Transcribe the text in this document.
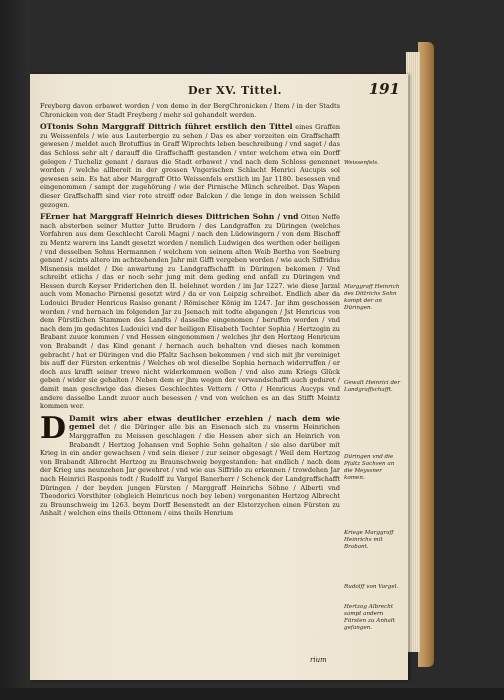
Der XV. Tittel.	191

Freyberg davon erbawet worden / von deme in der BergChronicken / Item / in der Stadts Chronicken von der Stadt Freyberg / mehr sol gehandelt werden.

OTtonis Sohn Marggraff Dittrich führet erstlich den Tittel eines Graffen zu Weissenfels / wie aus Lauterbergio zu sehen / Das es aber vorzeiten ein Graffschafft gewesen / meldet auch Brotuffius in Graff Wiprechts leben beschreibung / vnd saget / das das Schloss sehr alt / darauff die Graffschafft gestanden / vnter welchem etwa ein Dorff gelegen / Tucheliz genant / daraus die Stadt erbawet / vnd nach dem Schloss genennet worden / welche allbereit in der grossen Vngerischen Schlacht Henrici Aucupis sol gewesen sein. Es hat aber Marggraff Otto Weissenfels erstlich im Jar 1180. besessen vnd eingenommen / sampt der zugehörung / wie der Pirnische Münch schreibet. Das Wapen dieser Graffschafft sind vier rote streiff oder Balcken / die lenge in den weissen Schild gezogen.

FErner hat Marggraff Heinrich dieses Dittrichen Sohn / vnd Otten Neffe nach absterben seiner Mutter Jutte Brudern / des Landgraffen zu Düringen (welches Vorfahren aus dem Geschlecht Caroli Magni / nach den Lüdowingern / von dem Bischoff zu Mentz warern ins Landt gesetzt worden / nemlich Ludwigen des werthen oder heiligen / vnd desselben Sohns Hermannen / welchem von seinem alten Weib Bertha von Seeburg genant / scints altero im achtzehenden Jahr mit Gifft vergeben worden / wie auch Siffridus Misnensis meldet / Die anwartung zu Landgraffschafft in Düringen bekomen / Vnd schreibt etlichs / das er noch sehr jung mit dem geding end anfall zu Düringen vnd Hessen durch Keyser Friderichen den II. belehnet worden / im Jar 1227. wie diese Jarzal auch vom Monacho Pirnensi gesetzt wird / da er von Leipzig schreibet. Endlich aber da Ludouici Bruder Henricus Rasiso genant / Römischer König im 1247. Jar ihm geschossen worden / vnd hernach im folgenden Jar zu Jsenach mit todte abgangen / Jst Henricus von dem Fürstlichen Stammen des Landts / dasselbe eingenomen / beruffen worden / vnd nach dem jm gedachtes Ludouici vnd der heiligen Elisabeth Tochter Sophia / Hertzogin zu Brabant zuuor kommen / vnd Hessen eingenommen / welches jhr den Hertzog Henricum von Brabandt / das Kind genant / hernach auch behalten vnd dieses nach kommen gebracht / hat er Düringen vnd die Pfaltz Sachsen bekommen / vnd sich mit jhr vereiniget bis auff der Fürsten erkentnis / Welches ob wol dieselbe Sophia hernach widerruffen / er doch aus krafft seiner trewe nicht widerkommen wollen / vnd also zum Kriegs Glück geben / wider sie gehalten / Neben dem er jhm wegen der verwandschafft auch geduret / damit man geschwige das dieses Geschlechtes Vettern / Otto / Henricus Aucyps vnd andere dasselbe Landt zuuor auch besessen / vnd von welchen es an das Stifft Meintz kommen wer.

D Damit wirs aber etwas deutlicher erzehlen / nach dem wie gemel det / die Düringer alle bis an Eisenach sich zu vnserm Heinrichen Marggraffen zu Meissen geschlagen / die Hessen aber sich an Heinrich von Brabandt / Hertzog Johansen vnd Sophie Sohn gehalten / sie also darüber mit Krieg in ein ander gewachsen / vnd sein dieser / zur seiner obgesagt / Weil dem Hertzog von Brabandt Albrecht Hertzog zu Braunschweig beygestanden: hat endlich / nach dem der Krieg uns neunzehen Jar gewehret / vnd wie aus Siffrido zu erkennen / trowdehen Jar nach Heinrici Rasponis todt / Rudolff zu Vargel Banerherr / Schenck der Landgraffschafft Düringen / der beyden jungen Fürsten / Marggraff Heinrichs Söhne / Alberti vnd Theodorici Vorsthiter (obgleich Heinricus noch bey leben) vorgenanten Hertzog Albrecht zu Braunschweig im 1263. beym Dorff Besenstedt an der Elsterzychen einen Fürsten zu Anhalt / welchen eins theils Ottonem / eins theils Henrium

Weissenfels.
Marggraff Heinrich des Dittrichs Sohn kompt der an Düringen.
Gewalt Heinrici der Landgraffschafft.
Düringen vnd die Pfaltz Sachsen an die Meyssner komen.
Kriege Marggraff Heinrichs mit Brabant.
Rudolff von Vargel.
Hertzog Albrecht sampt andern Fürsten zu Anhalt gefangen.
rium
